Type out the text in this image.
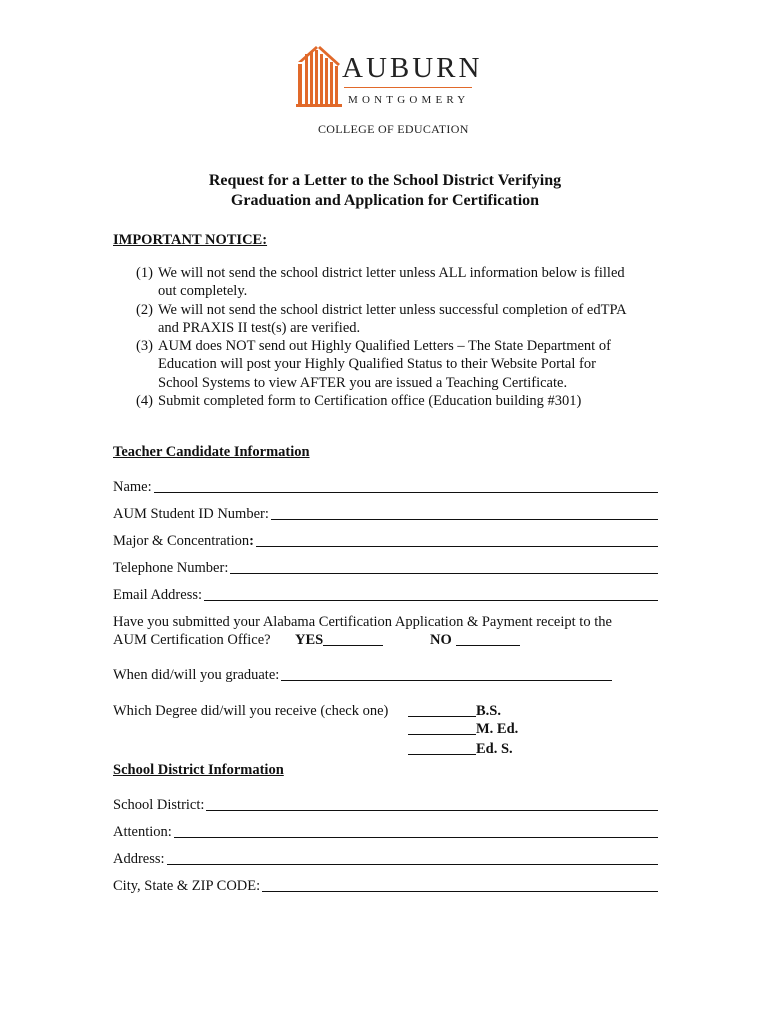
AUBURN
MONTGOMERY
COLLEGE OF EDUCATION
Request for a Letter to the School District Verifying
Graduation and Application for Certification
IMPORTANT NOTICE:
(1) We will not send the school district letter unless ALL information below is filled
out completely.
(2) We will not send the school district letter unless successful completion of edTPA
and PRAXIS II test(s) are verified.
(3) AUM does NOT send out Highly Qualified Letters – The State Department of
Education will post your Highly Qualified Status to their Website Portal for
School Systems to view AFTER you are issued a Teaching Certificate.
(4) Submit completed form to Certification office (Education building #301)
Teacher Candidate Information
Name:
AUM Student ID Number:
Major & Concentration:
Telephone Number:
Email Address:
Have you submitted your Alabama Certification Application & Payment receipt to the
AUM Certification Office? YES	NO
When did/will you graduate:
Which Degree did/will you receive (check one)	B.S.
M. Ed.
Ed. S.
School District Information
School District:
Attention:
Address:
City, State & ZIP CODE:
